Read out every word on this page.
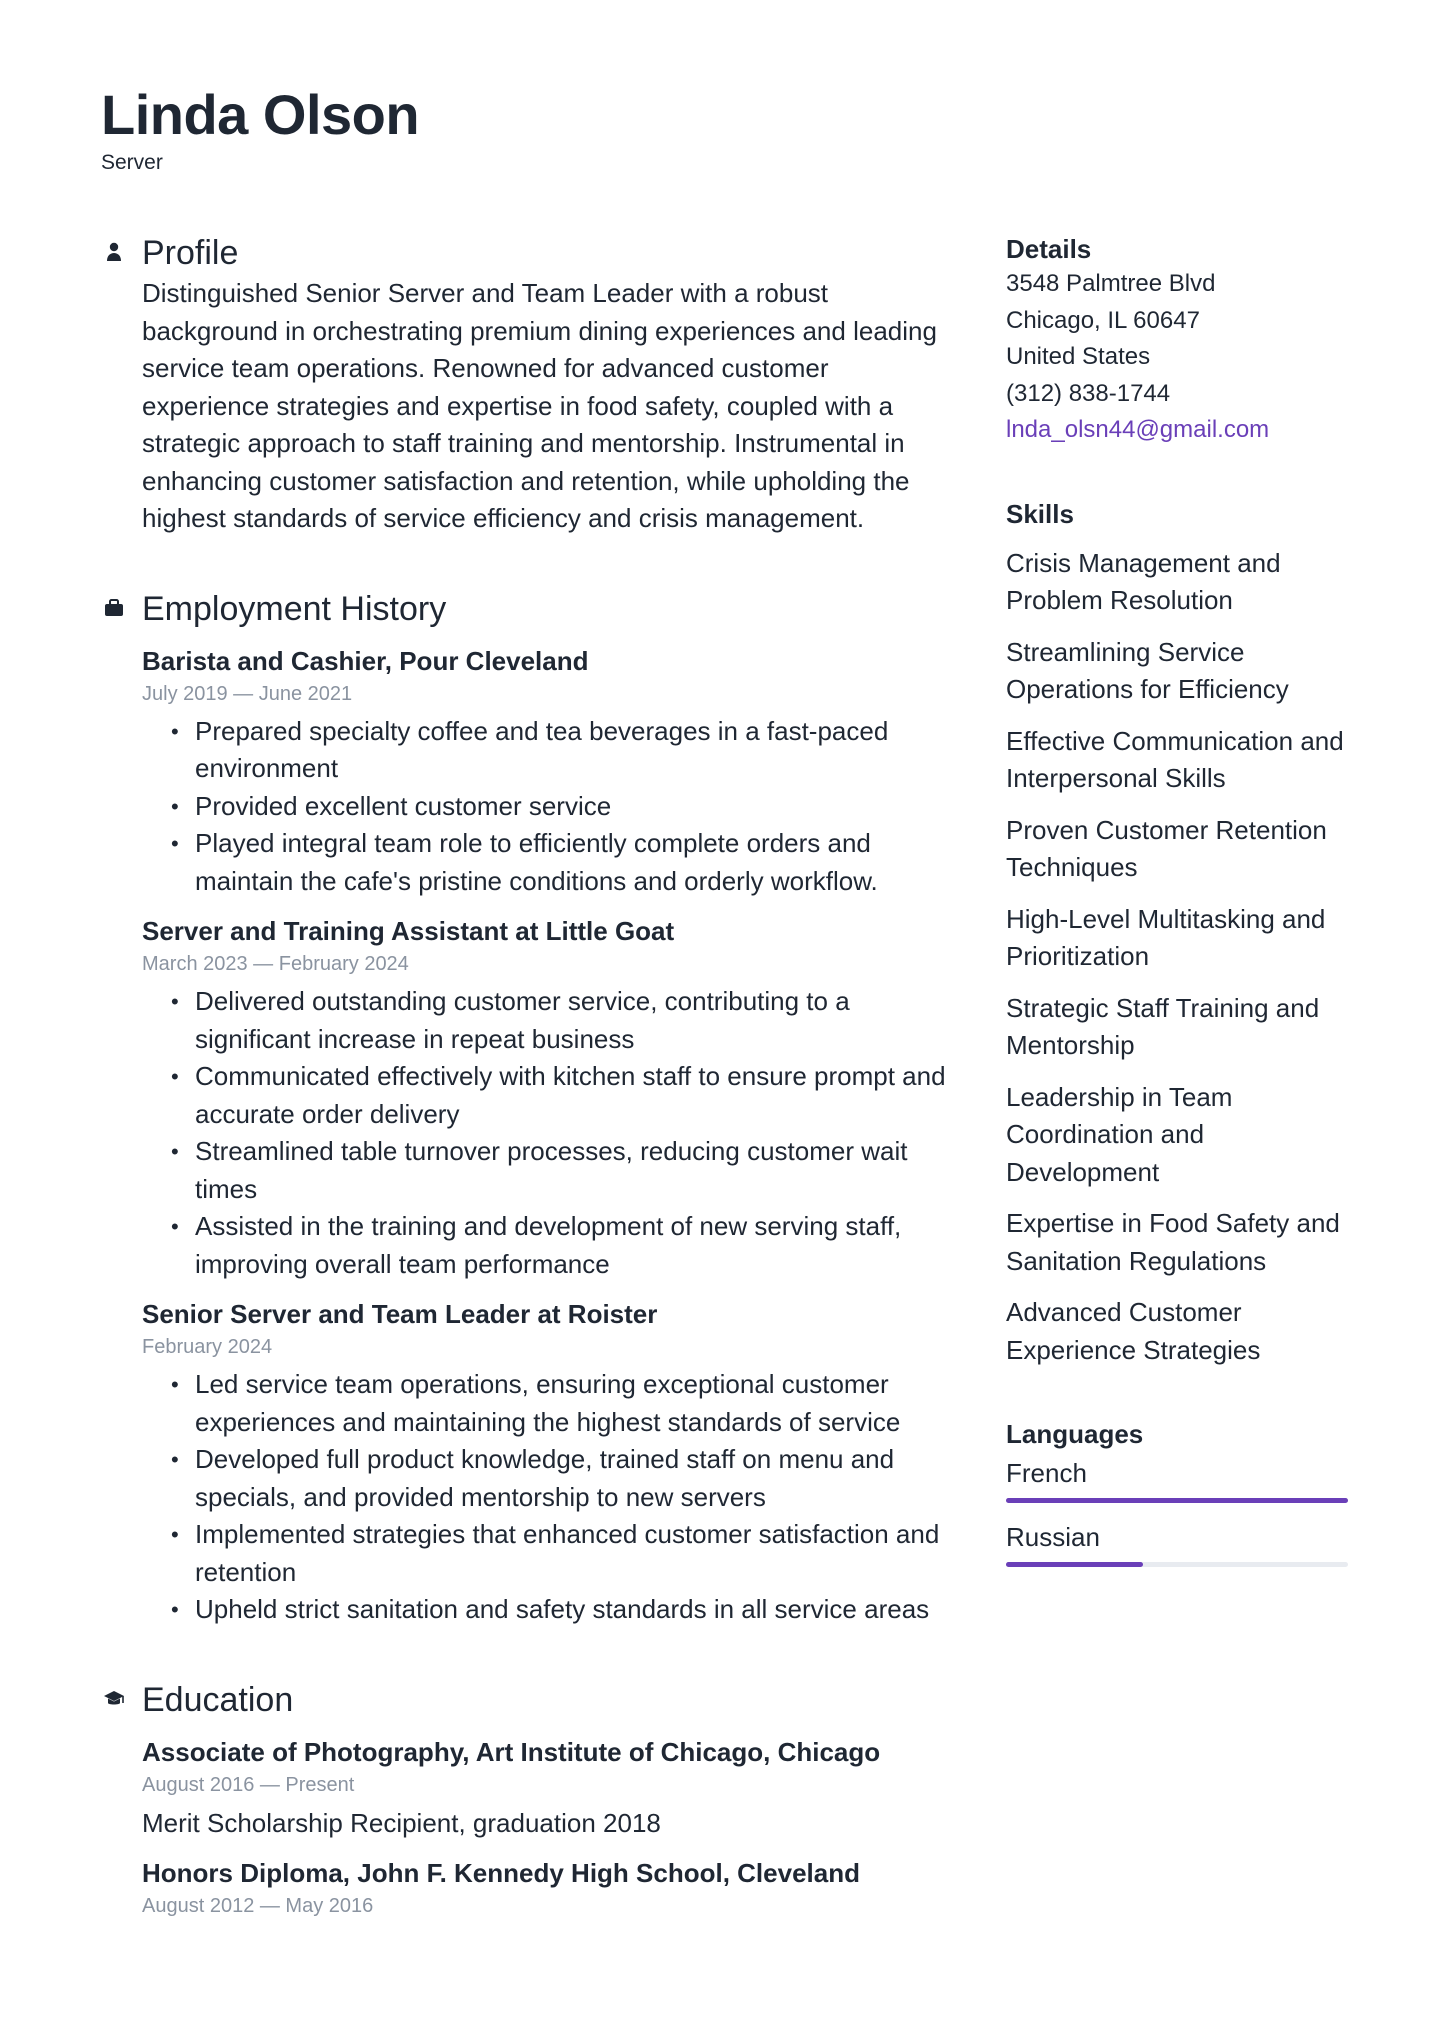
Linda Olson
Server
Profile

Distinguished Senior Server and Team Leader with a robust background in orchestrating premium dining experiences and leading service team operations. Renowned for advanced customer experience strategies and expertise in food safety, coupled with a strategic approach to staff training and mentorship. Instrumental in enhancing customer satisfaction and retention, while upholding the highest standards of service efficiency and crisis management.

Employment History
Barista and Cashier, Pour Cleveland
July 2019 — June 2021
• Prepared specialty coffee and tea beverages in a fast-paced environment
• Provided excellent customer service
• Played integral team role to efficiently complete orders and maintain the cafe's pristine conditions and orderly workflow.
Server and Training Assistant at Little Goat
March 2023 — February 2024
• Delivered outstanding customer service, contributing to a significant increase in repeat business
• Communicated effectively with kitchen staff to ensure prompt and accurate order delivery
• Streamlined table turnover processes, reducing customer wait times
• Assisted in the training and development of new serving staff, improving overall team performance
Senior Server and Team Leader at Roister
February 2024
• Led service team operations, ensuring exceptional customer experiences and maintaining the highest standards of service
• Developed full product knowledge, trained staff on menu and specials, and provided mentorship to new servers
• Implemented strategies that enhanced customer satisfaction and retention
• Upheld strict sanitation and safety standards in all service areas
Education
Associate of Photography, Art Institute of Chicago, Chicago
August 2016 — Present
Merit Scholarship Recipient, graduation 2018
Honors Diploma, John F. Kennedy High School, Cleveland
August 2012 — May 2016
Details
3548 Palmtree Blvd
Chicago, IL 60647
United States
(312) 838-1744
lnda_olsn44@gmail.com
Skills
Crisis Management and Problem Resolution
Streamlining Service Operations for Efficiency
Effective Communication and Interpersonal Skills
Proven Customer Retention Techniques
High-Level Multitasking and Prioritization
Strategic Staff Training and Mentorship
Leadership in Team Coordination and Development
Expertise in Food Safety and Sanitation Regulations
Advanced Customer Experience Strategies
Languages
French
Russian
